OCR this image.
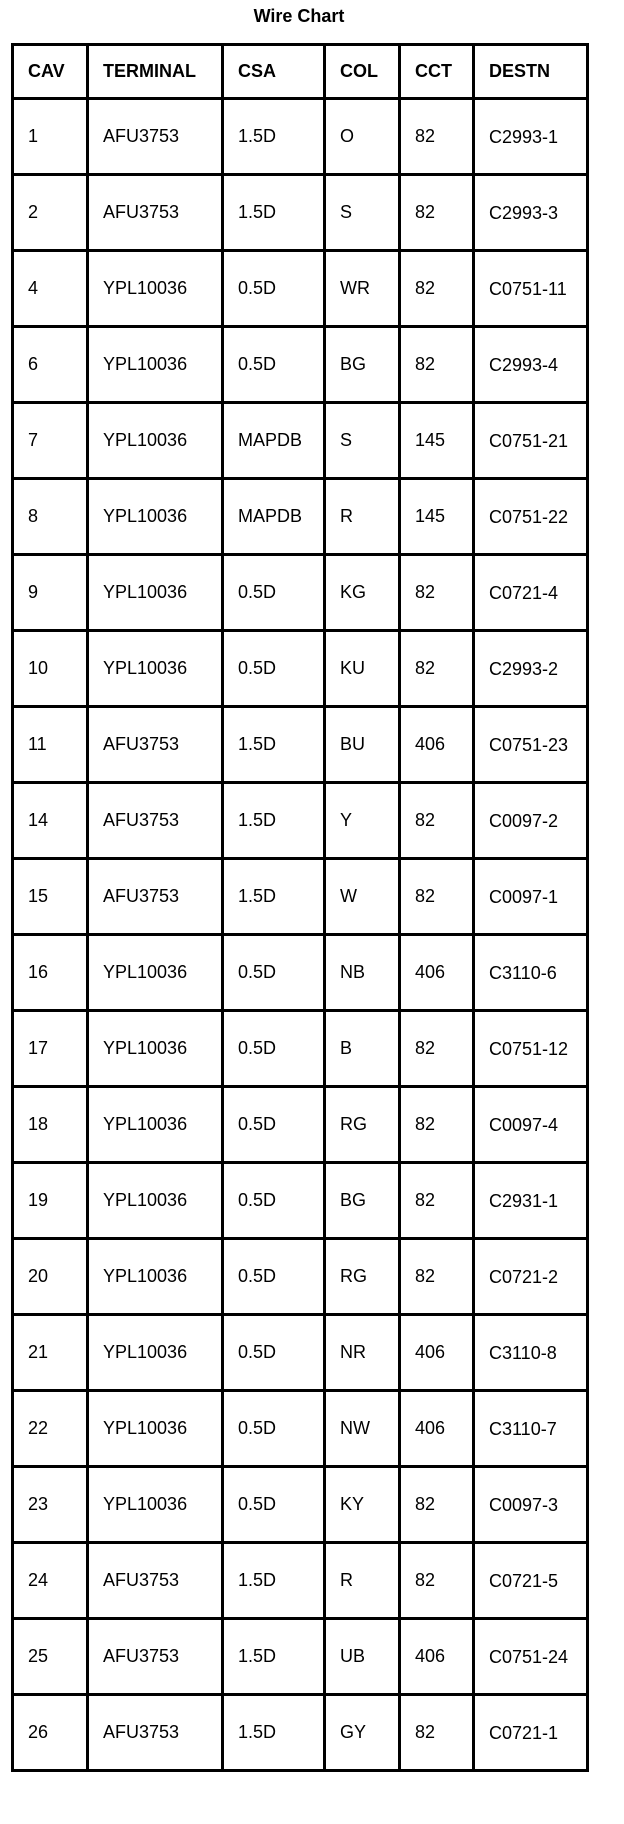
Wire Chart
CAV	TERMINAL	CSA	COL	CCT	DESTN
1	AFU3753	1.5D	O	82	C2993-1
2	AFU3753	1.5D	S	82	C2993-3
4	YPL10036	0.5D	WR	82	C0751-11
6	YPL10036	0.5D	BG	82	C2993-4
7	YPL10036	MAPDB	S	145	C0751-21
8	YPL10036	MAPDB	R	145	C0751-22
9	YPL10036	0.5D	KG	82	C0721-4
10	YPL10036	0.5D	KU	82	C2993-2
11	AFU3753	1.5D	BU	406	C0751-23
14	AFU3753	1.5D	Y	82	C0097-2
15	AFU3753	1.5D	W	82	C0097-1
16	YPL10036	0.5D	NB	406	C3110-6
17	YPL10036	0.5D	B	82	C0751-12
18	YPL10036	0.5D	RG	82	C0097-4
19	YPL10036	0.5D	BG	82	C2931-1
20	YPL10036	0.5D	RG	82	C0721-2
21	YPL10036	0.5D	NR	406	C3110-8
22	YPL10036	0.5D	NW	406	C3110-7
23	YPL10036	0.5D	KY	82	C0097-3
24	AFU3753	1.5D	R	82	C0721-5
25	AFU3753	1.5D	UB	406	C0751-24
26	AFU3753	1.5D	GY	82	C0721-1
